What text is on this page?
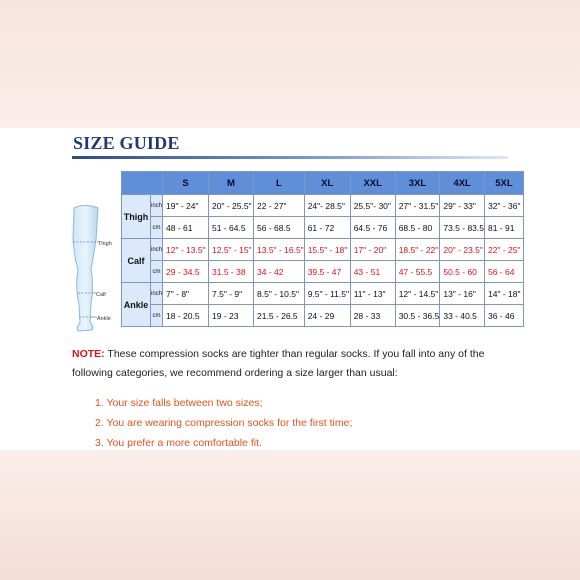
SIZE GUIDE
Thigh
Calf
Ankle
		S	M	L	XL	XXL	3XL	4XL	5XL
Thigh	inch	19" - 24"	20" - 25.5"	22 - 27"	24"- 28.5"	25.5"- 30"	27" - 31.5"	29" - 33"	32" - 36"
	cm	48 - 61	51 - 64.5	56 - 68.5	61 - 72	64.5 - 76	68.5 - 80	73.5 - 83.5	81 - 91
Calf	inch	12" - 13.5"	12.5" - 15"	13.5" - 16.5"	15.5" - 18"	17" - 20"	18.5" - 22"	20" - 23.5"	22" - 25"
	cm	29 - 34.5	31.5 - 38	34 - 42	39.5 - 47	43 - 51	47 - 55.5	50.5 - 60	56 - 64
Ankle	inch	7" - 8"	7.5" - 9"	8.5" - 10.5"	9.5" - 11.5"	11" - 13"	12" - 14.5"	13" - 16"	14" - 18"
	cm	18 - 20.5	19 - 23	21.5 - 26.5	24 - 29	28 - 33	30.5 - 36.5	33 - 40.5	36 - 46
NOTE: These compression socks are tighter than regular socks. If you fall into any of the following categories, we recommend ordering a size larger than usual:
1. Your size falls between two sizes;
2. You are wearing compression socks for the first time;
3. You prefer a more comfortable fit.
